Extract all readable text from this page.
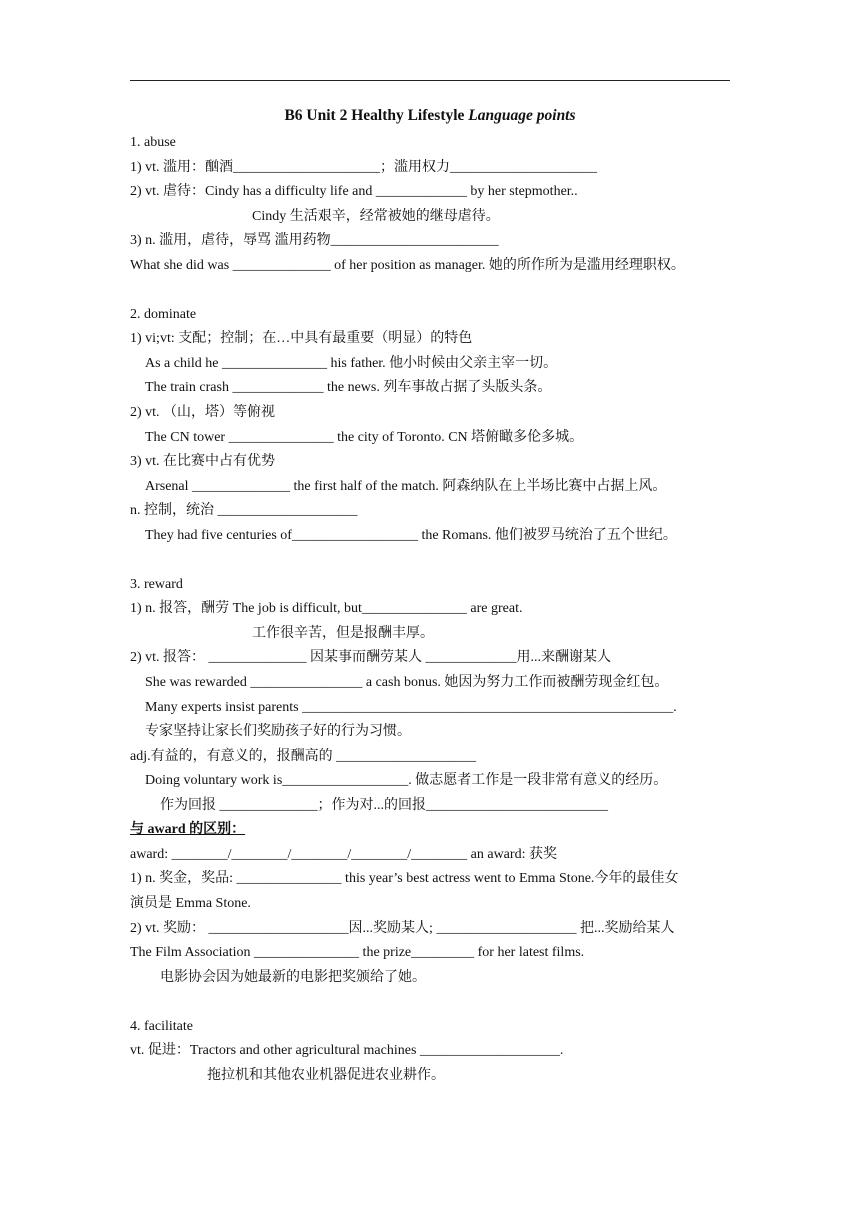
B6 Unit 2 Healthy Lifestyle Language points
1. abuse
1) vt. 滥用：酗酒_____________________；滥用权力_____________________
2) vt. 虐待：Cindy has a difficulty life and _____________ by her stepmother..
Cindy 生活艰辛，经常被她的继母虐待。
3) n. 滥用，虐待，辱骂 滥用药物________________________
What she did was ______________ of her position as manager. 她的所作所为是滥用经理职权。
2. dominate
1) vi;vt: 支配；控制；在…中具有最重要（明显）的特色
As a child he _______________ his father. 他小时候由父亲主宰一切。
The train crash _____________ the news. 列车事故占据了头版头条。
2) vt. （山，塔）等俯视
The CN tower _______________ the city of Toronto. CN 塔俯瞰多伦多城。
3) vt. 在比赛中占有优势
Arsenal ______________ the first half of the match. 阿森纳队在上半场比赛中占据上风。
n. 控制，统治 ____________________
They had five centuries of__________________ the Romans. 他们被罗马统治了五个世纪。
3. reward
1) n. 报答，酬劳 The job is difficult, but_______________ are great.
工作很辛苦，但是报酬丰厚。
2) vt. 报答： ______________ 因某事而酬劳某人 _____________用...来酬谢某人
She was rewarded ________________ a cash bonus. 她因为努力工作而被酬劳现金红包。
Many experts insist parents _____________________________________________________.
专家坚持让家长们奖励孩子好的行为习惯。
adj.有益的，有意义的，报酬高的 ____________________
Doing voluntary work is__________________. 做志愿者工作是一段非常有意义的经历。
作为回报 ______________；作为对...的回报__________________________
与 award 的区别：
award: ________/________/________/________/________ an award: 获奖
1) n. 奖金，奖品: _______________ this year’s best actress went to Emma Stone.今年的最佳女
演员是 Emma Stone.
2) vt. 奖励： ____________________因...奖励某人; ____________________ 把...奖励给某人
The Film Association _______________ the prize_________ for her latest films.
电影协会因为她最新的电影把奖颁给了她。
4. facilitate
vt. 促进：Tractors and other agricultural machines ____________________.
拖拉机和其他农业机器促进农业耕作。
